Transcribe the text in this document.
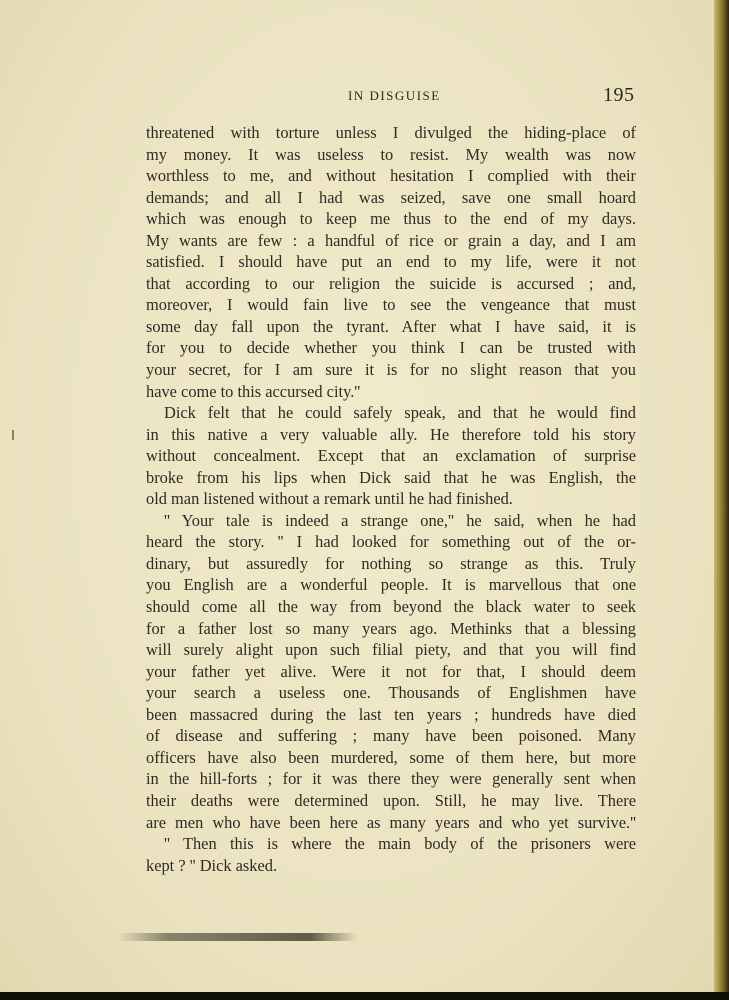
IN DISGUISE	195
threatened with torture unless I divulged the hiding-place of
my money. It was useless to resist. My wealth was now
worthless to me, and without hesitation I complied with their
demands; and all I had was seized, save one small hoard
which was enough to keep me thus to the end of my days.
My wants are few : a handful of rice or grain a day, and I am
satisfied. I should have put an end to my life, were it not
that according to our religion the suicide is accursed ; and,
moreover, I would fain live to see the vengeance that must
some day fall upon the tyrant. After what I have said, it is
for you to decide whether you think I can be trusted with
your secret, for I am sure it is for no slight reason that you
have come to this accursed city.''
Dick felt that he could safely speak, and that he would find
in this native a very valuable ally. He therefore told his story
without concealment. Except that an exclamation of surprise
broke from his lips when Dick said that he was English, the
old man listened without a remark until he had finished.
'' Your tale is indeed a strange one,'' he said, when he had
heard the story. '' I had looked for something out of the or-
dinary, but assuredly for nothing so strange as this. Truly
you English are a wonderful people. It is marvellous that one
should come all the way from beyond the black water to seek
for a father lost so many years ago. Methinks that a blessing
will surely alight upon such filial piety, and that you will find
your father yet alive. Were it not for that, I should deem
your search a useless one. Thousands of Englishmen have
been massacred during the last ten years ; hundreds have died
of disease and suffering ; many have been poisoned. Many
officers have also been murdered, some of them here, but more
in the hill-forts ; for it was there they were generally sent when
their deaths were determined upon. Still, he may live. There
are men who have been here as many years and who yet survive.''
'' Then this is where the main body of the prisoners were
kept ? '' Dick asked.
